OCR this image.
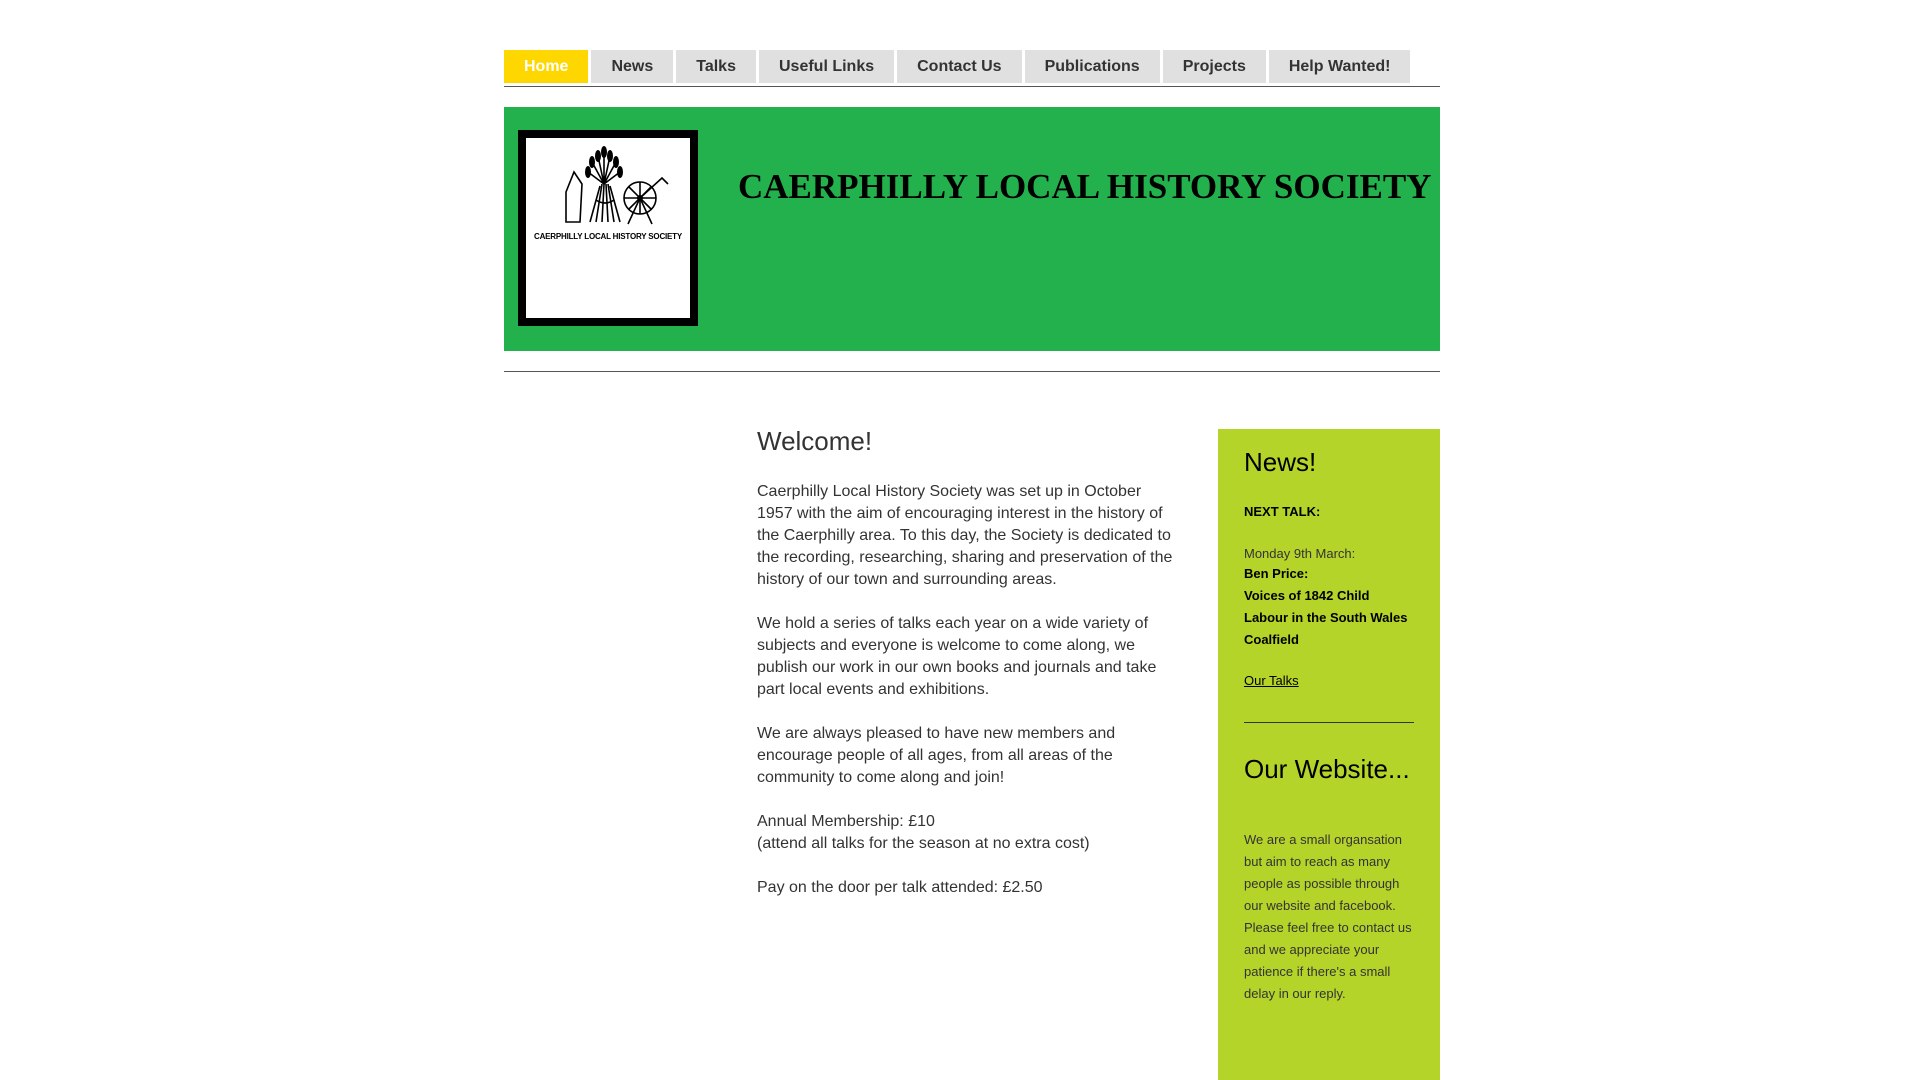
Home	News	Talks	Useful Links	Contact Us	Publications	Projects	Help Wanted!
CAERPHILLY LOCAL HISTORY SOCIETY
CAERPHILLY LOCAL HISTORY SOCIETY
Welcome!

Caerphilly Local History Society was set up in October 1957 with the aim of encouraging interest in the history of the Caerphilly area. To this day, the Society is dedicated to the recording, researching, sharing and preservation of the history of our town and surrounding areas.

We hold a series of talks each year on a wide variety of subjects and everyone is welcome to come along, we publish our work in our own books and journals and take part local events and exhibitions.

We are always pleased to have new members and encourage people of all ages, from all areas of the community to come along and join!

Annual Membership: £10
(attend all talks for the season at no extra cost)

Pay on the door per talk attended: £2.50

News!
NEXT TALK:
Monday 9th March:
Ben Price:
Voices of 1842 Child Labour in the South Wales Coalfield
Our Talks
Our Website...
We are a small organsation but aim to reach as many people as possible through our website and facebook. Please feel free to contact us and we appreciate your patience if there's a small delay in our reply.
